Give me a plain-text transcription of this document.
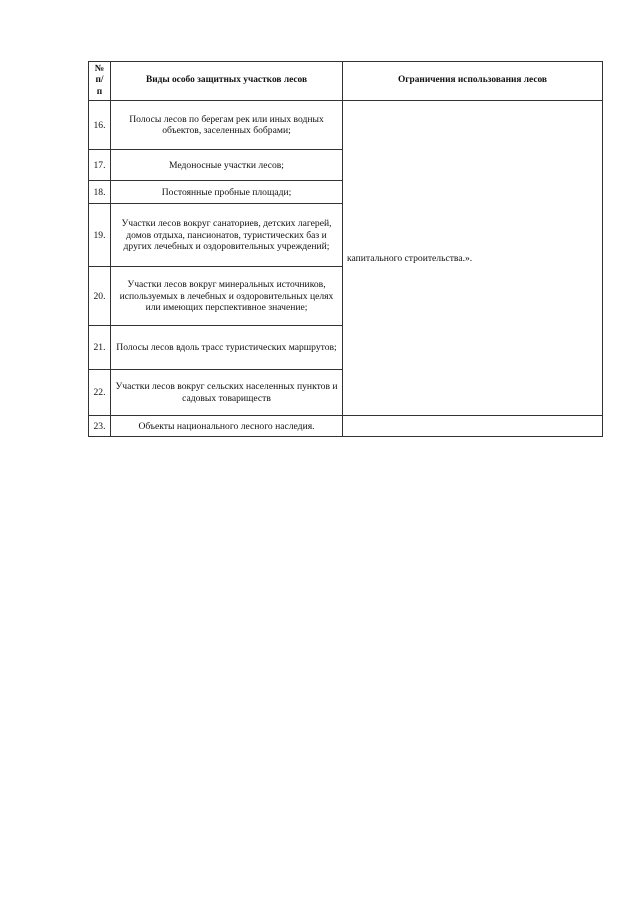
№ п/п	Виды особо защитных участков лесов	Ограничения использования лесов
16.	Полосы лесов по берегам рек или иных водных объектов, заселенных бобрами;	капитального строительства.».
17.	Медоносные участки лесов;	
18.	Постоянные пробные площади;	
19.	Участки лесов вокруг санаториев, детских лагерей, домов отдыха, пансионатов, туристических баз и других лечебных и оздоровительных учреждений;	
20.	Участки лесов вокруг минеральных источников, используемых в лечебных и оздоровительных целях или имеющих перспективное значение;	
21.	Полосы лесов вдоль трасс туристических маршрутов;	
22.	Участки лесов вокруг сельских населенных пунктов и садовых товариществ	
23.	Объекты национального лесного наследия.	
